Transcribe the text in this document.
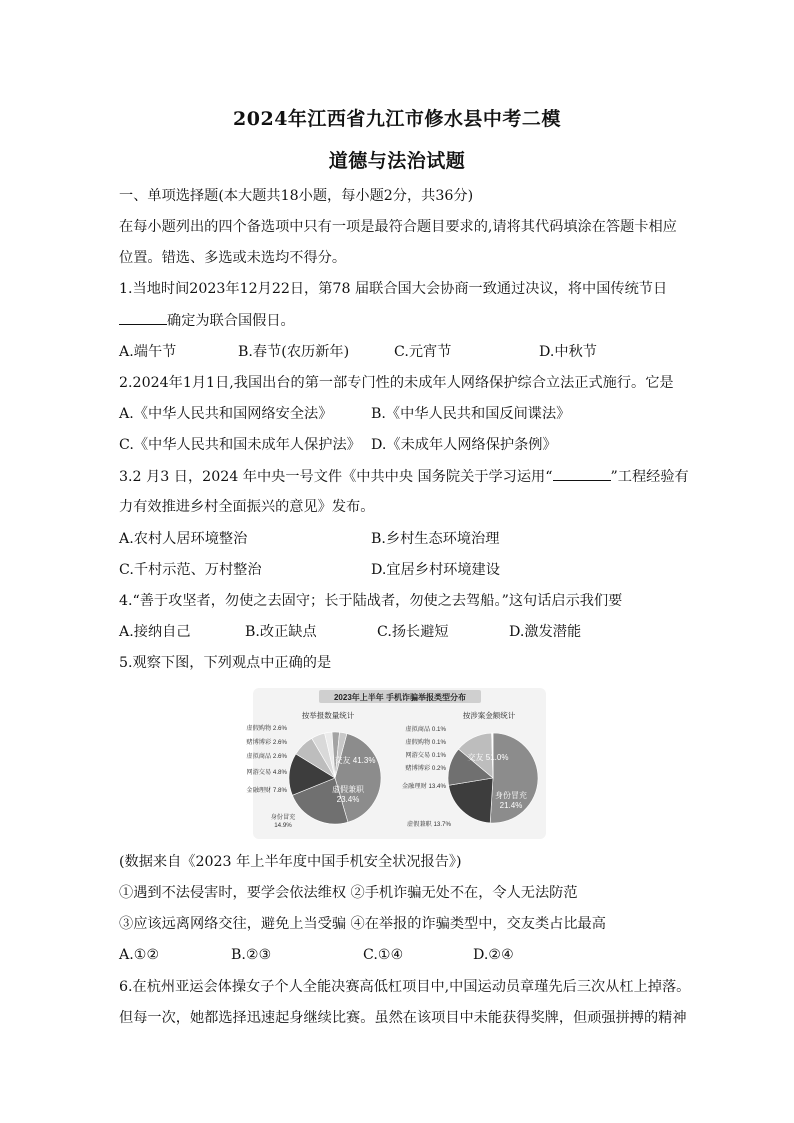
2024年江西省九江市修水县中考二模
道德与法治试题
一、单项选择题(本大题共18小题，每小题2分，共36分)
在每小题列出的四个备选项中只有一项是最符合题目要求的,请将其代码填涂在答题卡相应
位置。错选、多选或未选均不得分。
1.当地时间2023年12月22日，第78 届联合国大会协商一致通过决议，将中国传统节日
确定为联合国假日。
A.端午节	B.春节(农历新年)	C.元宵节	D.中秋节
2.2024年1月1日,我国出台的第一部专门性的未成年人网络保护综合立法正式施行。它是
A.《中华人民共和国网络安全法》	B.《中华人民共和国反间谍法》
C.《中华人民共和国未成年人保护法》 D.《未成年人网络保护条例》
3.2 月3 日，2024 年中央一号文件《中共中央 国务院关于学习运用“	”工程经验有
力有效推进乡村全面振兴的意见》发布。
A.农村人居环境整治	B.乡村生态环境治理
C.千村示范、万村整治	D.宜居乡村环境建设
4.“善于攻坚者，勿使之去固守；长于陆战者，勿使之去驾船。”这句话启示我们要
A.接纳自己	B.改正缺点	C.扬长避短	D.激发潜能
5.观察下图，下列观点中正确的是
2023年上半年 手机诈骗举报类型分布
按举报数量统计	按涉案金额统计
交友 41.3%
虚假兼职 23.4%
身份冒充 14.9%
金融理财 7.8%
网游交易 4.8%
虚拟商品 2.6%
赌博博彩 2.6%
虚假购物 2.6%
交友 51.0%
身份冒充 21.4%
虚假兼职 13.7%
金融理财 13.4%
赌博博彩 0.2%
网游交易 0.1%
虚假购物 0.1%
虚拟商品 0.1%
(数据来自《2023 年上半年度中国手机安全状况报告》)
①遇到不法侵害时，要学会依法维权 ②手机诈骗无处不在，令人无法防范
③应该远离网络交往，避免上当受骗 ④在举报的诈骗类型中，交友类占比最高
A.①②	B.②③	C.①④	D.②④
6.在杭州亚运会体操女子个人全能决赛高低杠项目中,中国运动员章瑾先后三次从杠上掉落。
但每一次，她都选择迅速起身继续比赛。虽然在该项目中未能获得奖牌，但顽强拼搏的精神
